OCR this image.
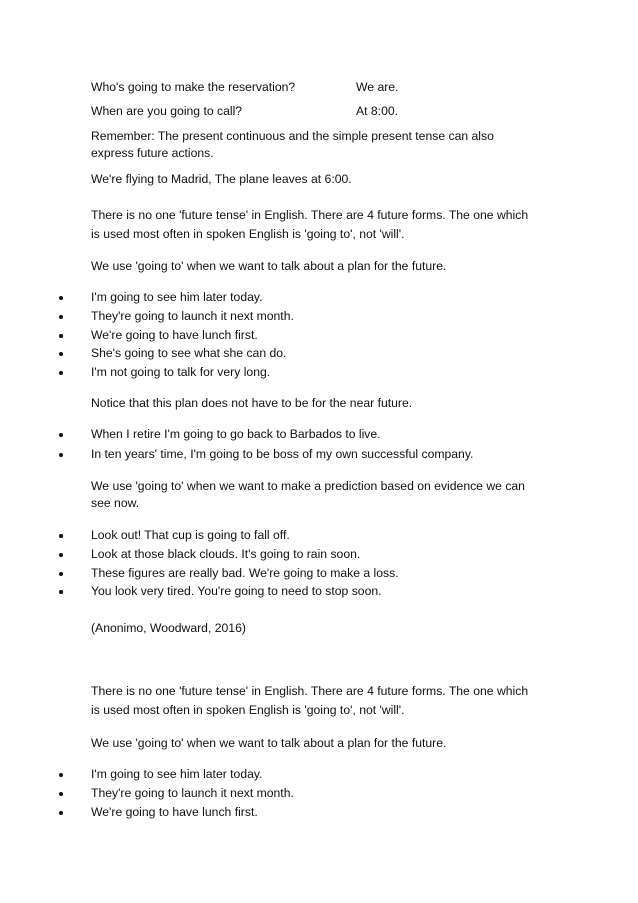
Who's going to make the reservation?	We are.
When are you going to call?	At 8:00.
Remember: The present continuous and the simple present tense can also express future actions.
We're flying to Madrid, The plane leaves at 6:00.
There is no one 'future tense' in English. There are 4 future forms. The one which is used most often in spoken English is 'going to', not 'will'.
We use 'going to' when we want to talk about a plan for the future.
I'm going to see him later today.
They're going to launch it next month.
We're going to have lunch first.
She's going to see what she can do.
I'm not going to talk for very long.
Notice that this plan does not have to be for the near future.
When I retire I'm going to go back to Barbados to live.
In ten years' time, I'm going to be boss of my own successful company.
We use 'going to' when we want to make a prediction based on evidence we can see now.
Look out! That cup is going to fall off.
Look at those black clouds. It's going to rain soon.
These figures are really bad. We're going to make a loss.
You look very tired. You're going to need to stop soon.
(Anonimo, Woodward, 2016)
There is no one 'future tense' in English. There are 4 future forms. The one which is used most often in spoken English is 'going to', not 'will'.
We use 'going to' when we want to talk about a plan for the future.
I'm going to see him later today.
They're going to launch it next month.
We're going to have lunch first.
